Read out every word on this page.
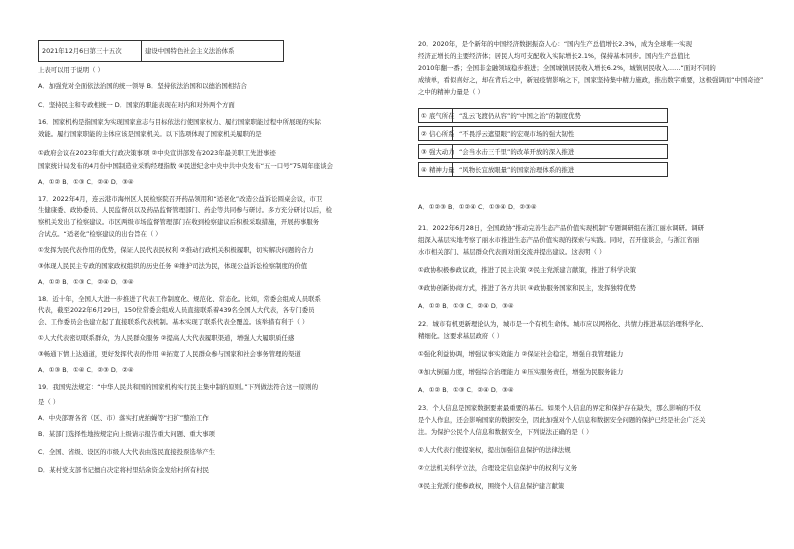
2021年12月6日第三十五次	建设中国特色社会主义法治体系
上表可以用于说明（ ）
A．加强党对全面依法治国的统一领导 B．坚持依法治国和以德治国相结合
C．坚持民主和专政相统一 D．国家的职能表现在对内和对外两个方面
16．国家机构是指国家为实现国家意志与目标依法行使国家权力、履行国家职能过程中所展现的实际
效能。履行国家职能的主体应该是国家机关。以下选项体现了国家机关履职的是
①政府会议在2023年重大行政决策事项 ②中央宣讲部发布2023年最美职工先进事迹
国家统计局发布的4月份中国制造业采购经理指数 ④民进纪念中央中共中央发布“五一口号”75周年座谈会
A．①② B．①③ C．②④ D．③④
17．2022年4月，连云港市海州区人民检察院召开药品领用和“适老化”改造公益诉讼圆桌会议，市卫
生健康委、政协委员、人民监督员以及药品监督管理部门、药企等共同参与研讨。多方充分研讨以后，检
察机关发出了检察建议。市区两级市场监督管理部门在收到检察建议后积极采取措施，开展药事服务
合试点。“适老化”检察建议的出台旨在（ ）
①发挥为民代表作用的优势，保证人民代表民权利 ②推动行政机关积极履职，切实解决问题的合力
③体现人民民主专政的国家政权组织的历史任务 ④维护司法为民，体现公益诉讼检察制度的价值
A．①② B．①③ C．②④ D．③④
18．近十年，全国人大进一步推进了代表工作制度化、规范化、常态化。比如，常委会组成人员联系
代表，截至2022年6月29日，150位常委会组成人员直接联系着439名全国人大代表，各专门委员
会、工作委员会也建立起了直接联系代表机制。基本实现了联系代表全覆盖。该举措有利于（ ）
①人大代表密切联系群众，为人民群众服务 ②提高人大代表履职渠道，增强人大履职质任感
③畅通下情上达通道，更好发挥代表的作用 ④拓宽了人民群众参与国家和社会事务管理的渠道
A．①③ B．①④ C．②③ D．②④
19．我国宪法规定：“中华人民共和国的国家机构实行民主集中制的原则。”下列做法符合这一原则的
是（ ）
A．中央部署各省（区、市）落实打虎拍蝇等“扫扩”整治工作
B．某部门选择性地按规定向上级请示报告重大问题、重大事项
C．全国、省级、设区的市级人大代表由选民直接投票选举产生
D．某村党支部书记擅自决定将村里结余资金发给村所有村民
20．2020年，是个新年的中国经济数据振奋人心：“国内生产总值增长2.3%，成为全球唯一实现
经济正增长的主要经济体；居民人均可支配收入实际增长2.1%，保持基本同步。国内生产总值比
2010年翻一番；全国非金融领域稳步推进；全国城镇居民收入增长6.2%，城镇居民收入……“面对不同的
成绩单，看似喜好之，却在背后之中，新冠疫情影响之下，国家坚持集中精力施政，推出数字重要，这极强调而“中国奇迹”
之中的精神力量是（ ）
① 底气所在 “乱云飞渡仍从容”的“中国之治”的制度优势
② 信心所系 “不畏浮云遮望眼”的宏观市场的强大韧性
③ 强大动力 “会当水击三千里”的改革开放的深入推进
④ 精神力量 “风物长宜放眼量”的国家治理体系的推进
A．①②③ B．①②④ C．①③④ D．②③④
21．2022年6月28日，全国政协“推动完善生态产品价值实现机制”专题调研组在浙江丽水调研。调研
组深入基层实地考察了丽水市推进生态产品价值实现的探索与实践。同时，召开座谈会，与浙江省丽
水市相关部门、基层群众代表面对面交流并提出建议。这表明（ ）
①政协积极参政议政，推进了民主决策 ②民主党派建言献策，推进了科学决策
③政协创新协商方式，推进了各方共识 ④政协服务国家和民主，发挥独特优势
A．①② B．①③ C．②④ D．③④
22．城市有机更新理论认为，城市是一个有机生命体。城市应以网格化、共情力推进基层治理科学化、
精细化。这要求基层政府（ ）
①强化利益协调，增强议事实效能力 ②保证社会稳定，增强自我管理能力
③加大倒逼力度，增强综合治理能力 ④压实服务责任，增强为民服务能力
A．①② B．①③ C．②④ D．③④
23．个人信息是国家数据要素最重要的基石。如果个人信息的界定和保护存在缺失，那么影响的不仅
是个人作息，还会影响国家的数据安全，因此加强对个人信息和数据安全问题的保护已经是社会广泛关
注。为保护公民个人信息和数据安全，下列说法正确的是（ ）
①人大代表行使提案权，提出加强信息保护的法律法规
②立法机关科学立法，合理设定信息保护中的权利与义务
③民主党派行使参政权，围绕个人信息保护建言献策
